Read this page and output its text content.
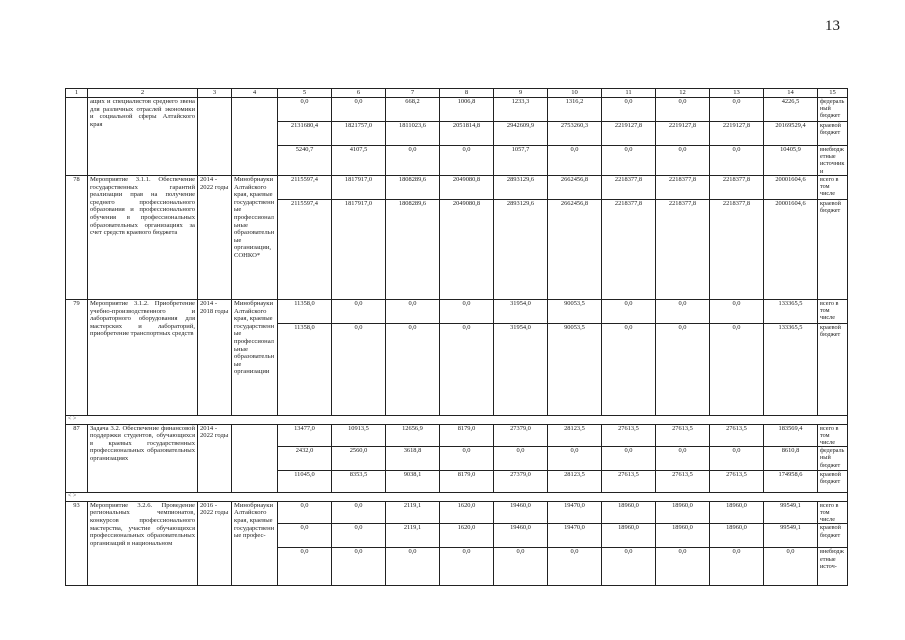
13
1	2	3	4	5	6	7	8	9	10	11	12	13	14	15
	ащих и специалистов среднего звена для различных отраслей экономики и социальной сферы Алтайского края			0,0	0,0	668,2	1006,8	1233,3	1316,2	0,0	0,0	0,0	4226,5	федеральный бюджет
				2131680,4	1821757,0	1811023,6	2051814,8	2942609,9	2753260,3	2219127,8	2219127,8	2219127,8	20169529,4	краевой бюджет
				5240,7	4107,5	0,0	0,0	1057,7	0,0	0,0	0,0	0,0	10405,9	внебюджетные источники
78	Мероприятие 3.1.1. Обеспечение государственных гарантий реализации прав на получение среднего профессионального образования и профессионального обучения в профессиональных образовательных организациях за счет средств краевого бюджета	2014 - 2022 годы	Минобрнауки Алтайского края, краевые государственные профессиональные образовательные организации, СОНКО*	2115597,4	1817917,0	1808289,6	2049080,8	2893129,6	2662456,8	2218377,8	2218377,8	2218377,8	20001604,6	всего в том числе
				2115597,4	1817917,0	1808289,6	2049080,8	2893129,6	2662456,8	2218377,8	2218377,8	2218377,8	20001604,6	краевой бюджет
79	Мероприятие 3.1.2. Приобретение учебно-производственного и лабораторного оборудования для мастерских и лабораторий, приобретение транспортных средств	2014 - 2018 годы	Минобрнауки Алтайского края, краевые государственные профессиональные образовательные организации	11358,0	0,0	0,0	0,0	31954,0	90053,5	0,0	0,0	0,0	133365,5	всего в том числе
				11358,0	0,0	0,0	0,0	31954,0	90053,5	0,0	0,0	0,0	133365,5	краевой бюджет
< >														
87	Задача 3.2. Обеспечение финансовой поддержки студентов, обучающихся в краевых государственных профессиональных образовательных организациях	2014 - 2022 годы		13477,0	10913,5	12656,9	8179,0	27379,0	28123,5	27613,5	27613,5	27613,5	183569,4	всего в том числе
				2432,0	2560,0	3618,8	0,0	0,0	0,0	0,0	0,0	0,0	8610,8	федеральный бюджет
				11045,0	8353,5	9038,1	8179,0	27379,0	28123,5	27613,5	27613,5	27613,5	174958,6	краевой бюджет
< >														
93	Мероприятие 3.2.6. Проведение региональных чемпионатов, конкурсов профессионального мастерства, участие обучающихся профессиональных образовательных организаций в национальном	2016 - 2022 годы	Минобрнауки Алтайского края, краевые государственные профес-	0,0	0,0	2119,1	1620,0	19460,0	19470,0	18960,0	18960,0	18960,0	99549,1	всего в том числе
				0,0	0,0	2119,1	1620,0	19460,0	19470,0	18960,0	18960,0	18960,0	99549,1	краевой бюджет
				0,0	0,0	0,0	0,0	0,0	0,0	0,0	0,0	0,0	0,0	внебюджетные источ-
